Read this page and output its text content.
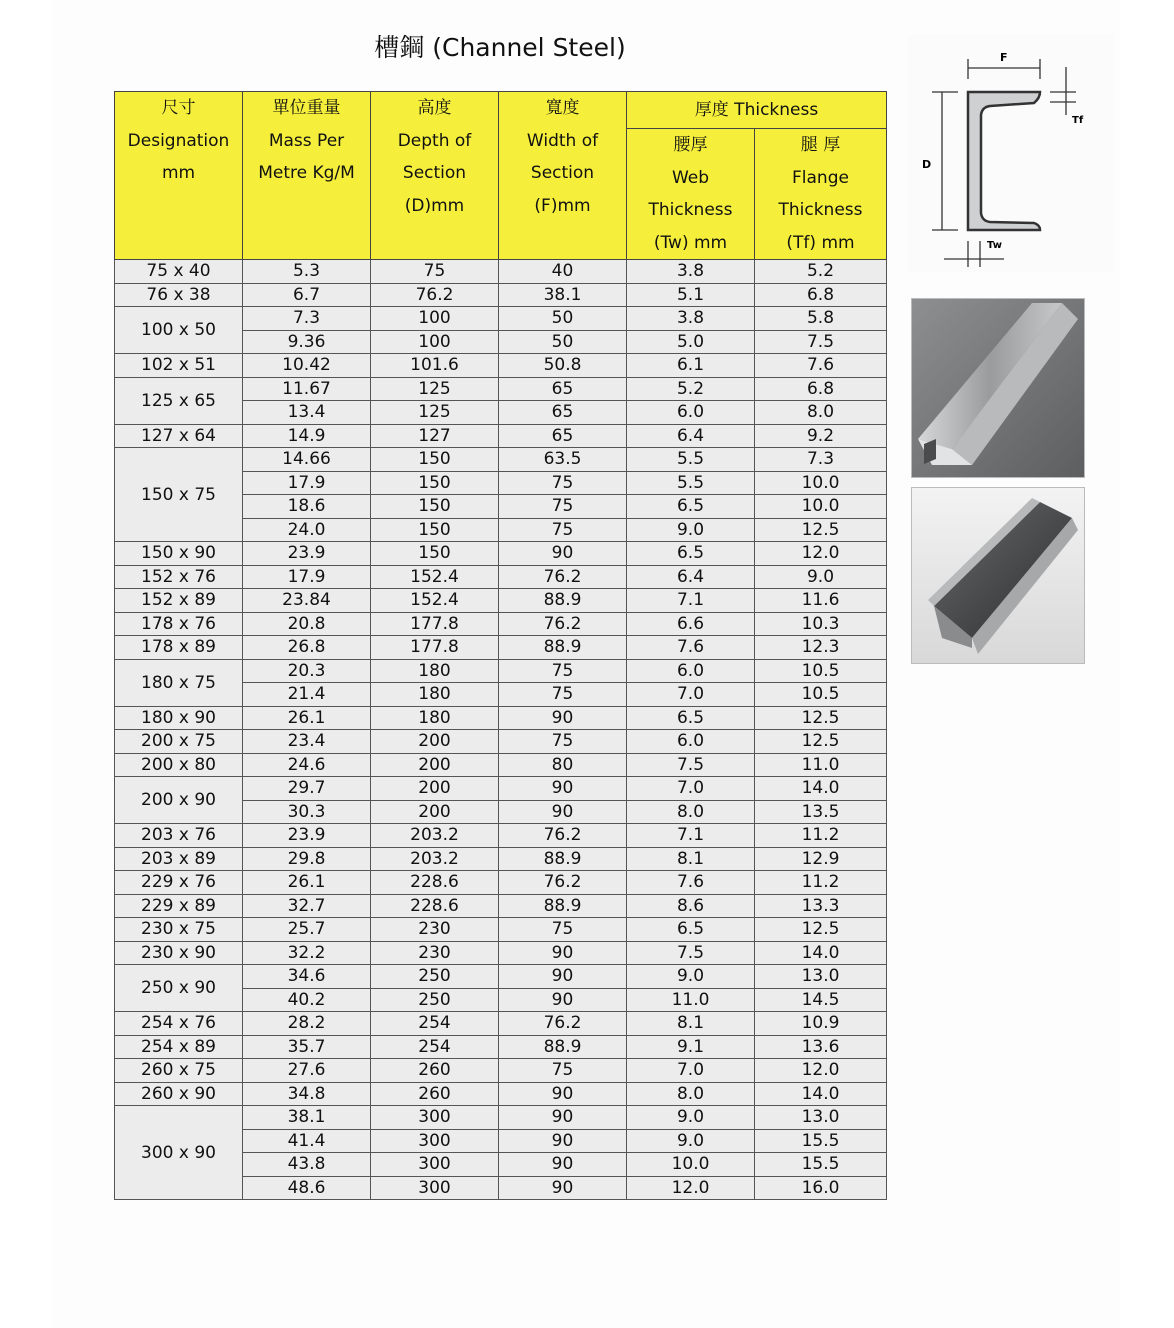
槽鋼 (Channel Steel)
尺寸
Designation
mm	單位重量
Mass Per
Metre Kg/M	高度
Depth of
Section
(D)mm	寬度
Width of
Section
(F)mm	厚度 Thickness	

				腰厚
Web
Thickness
(Tw) mm	腿 厚
Flange
Thickness
(Tf) mm

75 x 40	5.3	75	40	3.8	5.2
76 x 38	6.7	76.2	38.1	5.1	6.8
100 x 50	7.3	100	50	3.8	5.8
	9.36	100	50	5.0	7.5
102 x 51	10.42	101.6	50.8	6.1	7.6
125 x 65	11.67	125	65	5.2	6.8
	13.4	125	65	6.0	8.0
127 x 64	14.9	127	65	6.4	9.2
150 x 75	14.66	150	63.5	5.5	7.3
	17.9	150	75	5.5	10.0
	18.6	150	75	6.5	10.0
	24.0	150	75	9.0	12.5
150 x 90	23.9	150	90	6.5	12.0
152 x 76	17.9	152.4	76.2	6.4	9.0
152 x 89	23.84	152.4	88.9	7.1	11.6
178 x 76	20.8	177.8	76.2	6.6	10.3
178 x 89	26.8	177.8	88.9	7.6	12.3
180 x 75	20.3	180	75	6.0	10.5
	21.4	180	75	7.0	10.5
180 x 90	26.1	180	90	6.5	12.5
200 x 75	23.4	200	75	6.0	12.5
200 x 80	24.6	200	80	7.5	11.0
200 x 90	29.7	200	90	7.0	14.0
	30.3	200	90	8.0	13.5
203 x 76	23.9	203.2	76.2	7.1	11.2
203 x 89	29.8	203.2	88.9	8.1	12.9
229 x 76	26.1	228.6	76.2	7.6	11.2
229 x 89	32.7	228.6	88.9	8.6	13.3
230 x 75	25.7	230	75	6.5	12.5
230 x 90	32.2	230	90	7.5	14.0
250 x 90	34.6	250	90	9.0	13.0
	40.2	250	90	11.0	14.5
254 x 76	28.2	254	76.2	8.1	10.9
254 x 89	35.7	254	88.9	9.1	13.6
260 x 75	27.6	260	75	7.0	12.0
260 x 90	34.8	260	90	8.0	14.0
300 x 90	38.1	300	90	9.0	13.0
	41.4	300	90	9.0	15.5
	43.8	300	90	10.0	15.5
	48.6	300	90	12.0	16.0
F
D
Tf
Tw
